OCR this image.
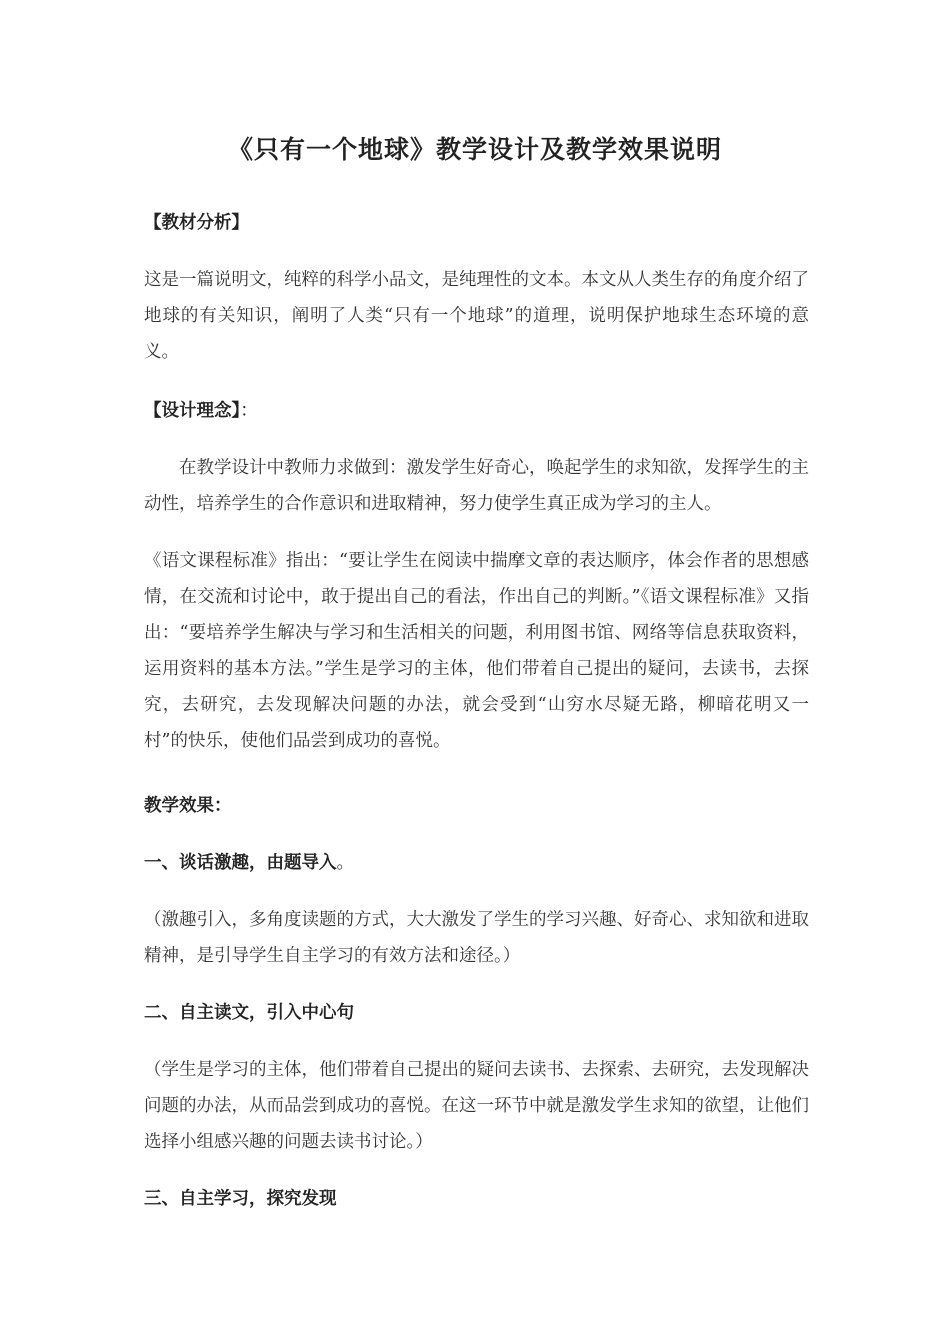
《只有一个地球》教学设计及教学效果说明
【教材分析】
这是一篇说明文，纯粹的科学小品文，是纯理性的文本。本文从人类生存的角度介绍了地球的有关知识，阐明了人类“只有一个地球”的道理，说明保护地球生态环境的意义。
【设计理念】：
在教学设计中教师力求做到：激发学生好奇心，唤起学生的求知欲，发挥学生的主动性，培养学生的合作意识和进取精神，努力使学生真正成为学习的主人。
《语文课程标准》指出：“要让学生在阅读中揣摩文章的表达顺序，体会作者的思想感情，在交流和讨论中，敢于提出自己的看法，作出自己的判断。”《语文课程标准》又指出：“要培养学生解决与学习和生活相关的问题，利用图书馆、网络等信息获取资料，运用资料的基本方法。”学生是学习的主体，他们带着自己提出的疑问，去读书，去探究，去研究，去发现解决问题的办法，就会受到“山穷水尽疑无路，柳暗花明又一村”的快乐，使他们品尝到成功的喜悦。
教学效果：
一、谈话激趣，由题导入。
（激趣引入，多角度读题的方式，大大激发了学生的学习兴趣、好奇心、求知欲和进取精神，是引导学生自主学习的有效方法和途径。）
二、自主读文，引入中心句
（学生是学习的主体，他们带着自己提出的疑问去读书、去探索、去研究，去发现解决问题的办法，从而品尝到成功的喜悦。在这一环节中就是激发学生求知的欲望，让他们选择小组感兴趣的问题去读书讨论。）
三、自主学习，探究发现
